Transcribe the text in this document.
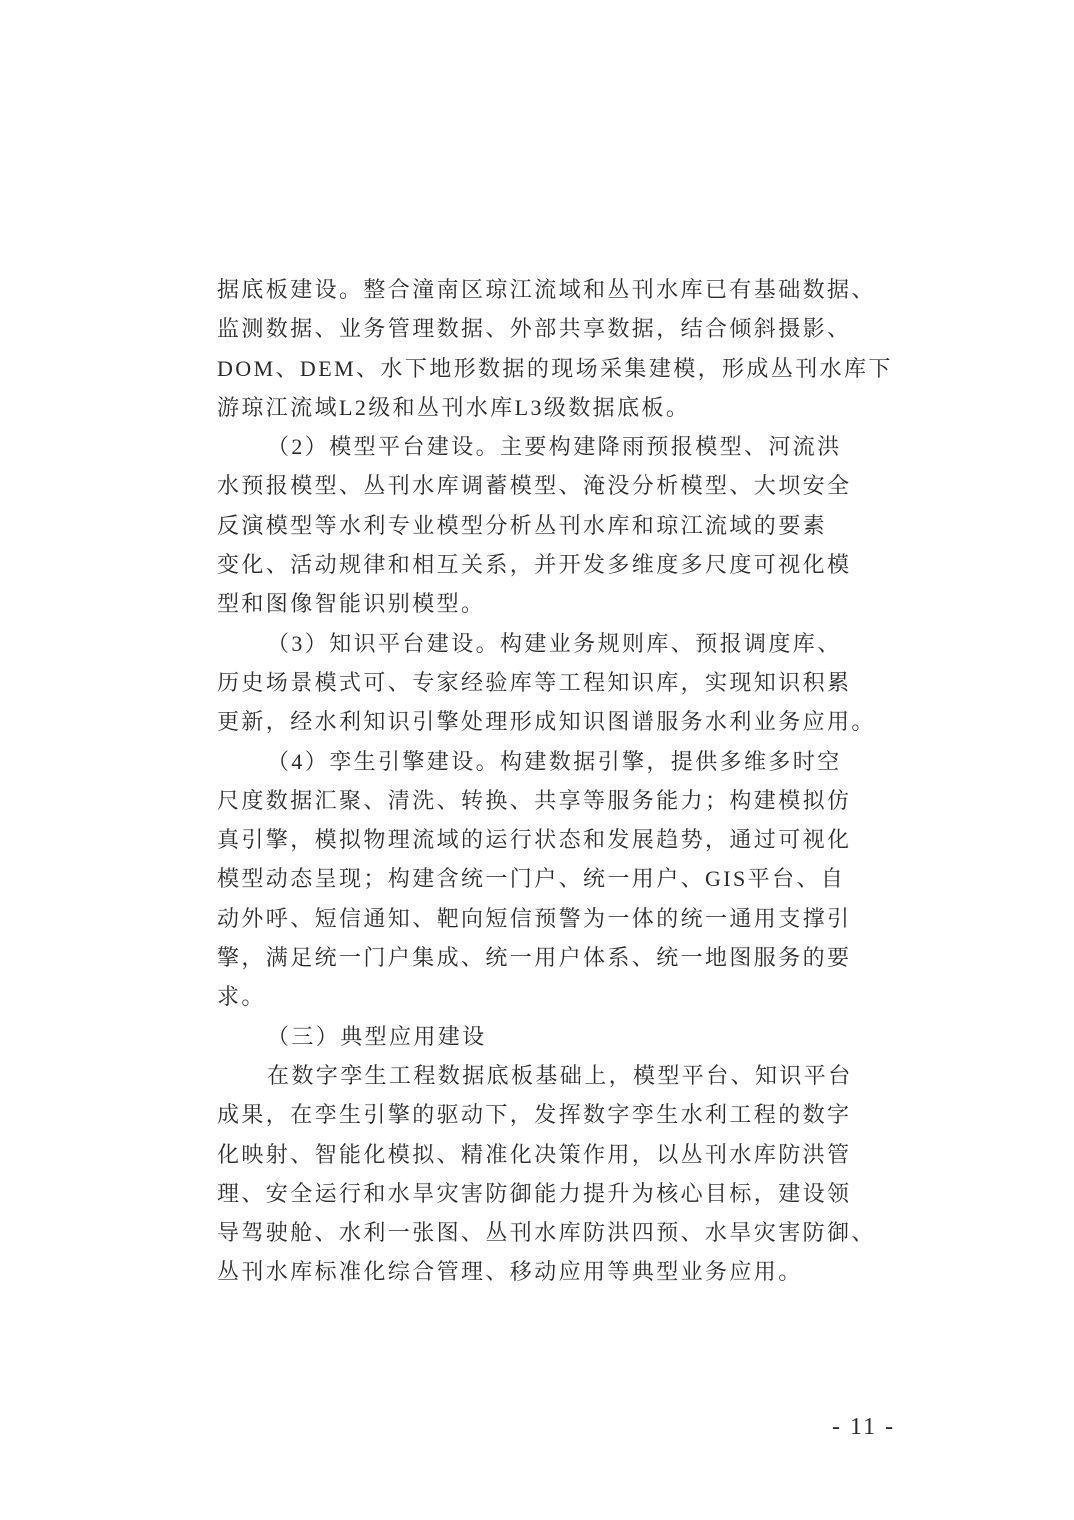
据底板建设。整合潼南区琼江流域和丛刊水库已有基础数据、
监测数据、业务管理数据、外部共享数据，结合倾斜摄影、
DOM、DEM、水下地形数据的现场采集建模，形成丛刊水库下
游琼江流域L2级和丛刊水库L3级数据底板。
（2）模型平台建设。主要构建降雨预报模型、河流洪
水预报模型、丛刊水库调蓄模型、淹没分析模型、大坝安全
反演模型等水利专业模型分析丛刊水库和琼江流域的要素
变化、活动规律和相互关系，并开发多维度多尺度可视化模
型和图像智能识别模型。
（3）知识平台建设。构建业务规则库、预报调度库、
历史场景模式可、专家经验库等工程知识库，实现知识积累
更新，经水利知识引擎处理形成知识图谱服务水利业务应用。
（4）孪生引擎建设。构建数据引擎，提供多维多时空
尺度数据汇聚、清洗、转换、共享等服务能力；构建模拟仿
真引擎，模拟物理流域的运行状态和发展趋势，通过可视化
模型动态呈现；构建含统一门户、统一用户、GIS平台、自
动外呼、短信通知、靶向短信预警为一体的统一通用支撑引
擎，满足统一门户集成、统一用户体系、统一地图服务的要
求。
（三）典型应用建设
在数字孪生工程数据底板基础上，模型平台、知识平台
成果，在孪生引擎的驱动下，发挥数字孪生水利工程的数字
化映射、智能化模拟、精准化决策作用，以丛刊水库防洪管
理、安全运行和水旱灾害防御能力提升为核心目标，建设领
导驾驶舱、水利一张图、丛刊水库防洪四预、水旱灾害防御、
丛刊水库标准化综合管理、移动应用等典型业务应用。
- 11 -
